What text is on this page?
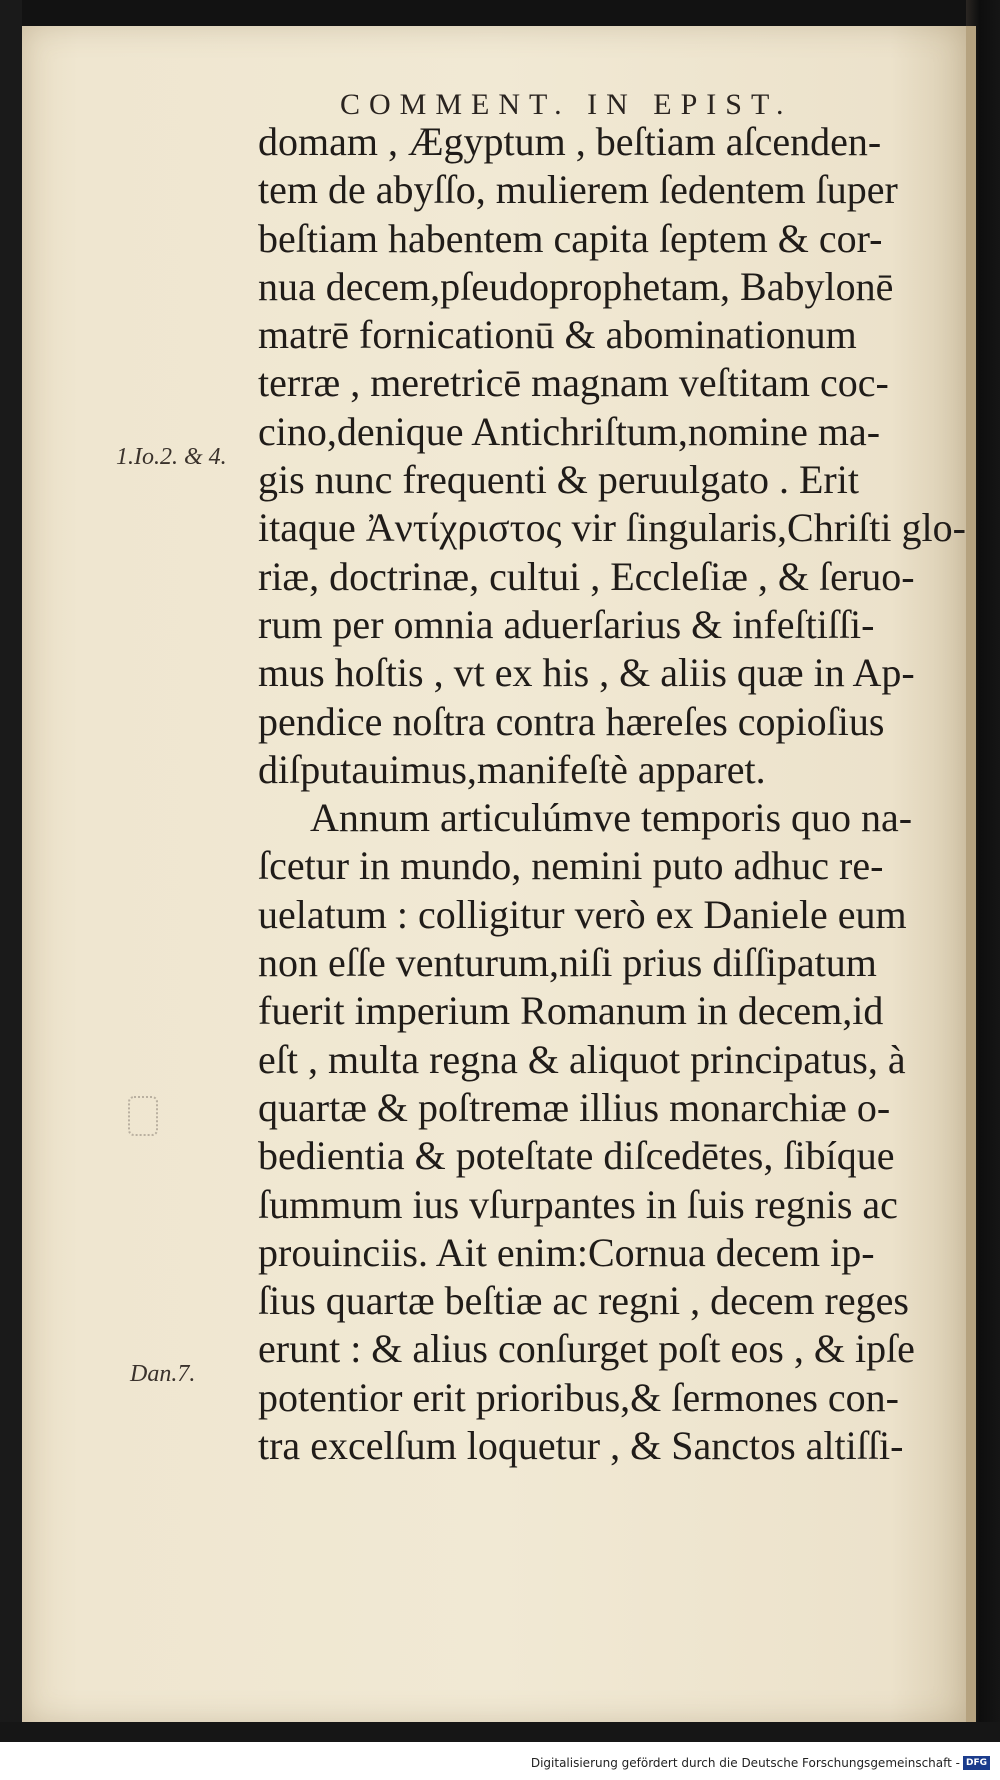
COMMENT. IN EPIST.
domam , Ægyptum , beſtiam aſcenden-
tem de abyſſo, mulierem ſedentem ſuper
beſtiam habentem capita ſeptem & cor-
nua decem,pſeudoprophetam, Babylonē
matrē fornicationū & abominationum
terræ , meretricē magnam veſtitam coc-
cino,denique Antichriſtum,nomine ma-
gis nunc frequenti & peruulgato . Erit
itaque Ἀντίχριστος vir ſingularis,Chriſti glo-
riæ, doctrinæ, cultui , Eccleſiæ , & ſeruo-
rum per omnia aduerſarius & infeſtiſſi-
mus hoſtis , vt ex his , & aliis quæ in Ap-
pendice noſtra contra hæreſes copioſius
diſputauimus,manifeſtè apparet.
Annum articulúmve temporis quo na-
ſcetur in mundo, nemini puto adhuc re-
uelatum : colligitur verò ex Daniele eum
non eſſe venturum,niſi prius diſſipatum
fuerit imperium Romanum in decem,id
eſt , multa regna & aliquot principatus, à
quartæ & poſtremæ illius monarchiæ o-
bedientia & poteſtate diſcedētes, ſibíque
ſummum ius vſurpantes in ſuis regnis ac
prouinciis. Ait enim:Cornua decem ip-
ſius quartæ beſtiæ ac regni , decem reges
erunt : & alius conſurget poſt eos , & ipſe
potentior erit prioribus,& ſermones con-
tra excelſum loquetur , & Sanctos altiſſi-
1.Io.2. & 4.
Dan.7.
Digitalisierung gefördert durch die Deutsche Forschungsgemeinschaft - DFG
